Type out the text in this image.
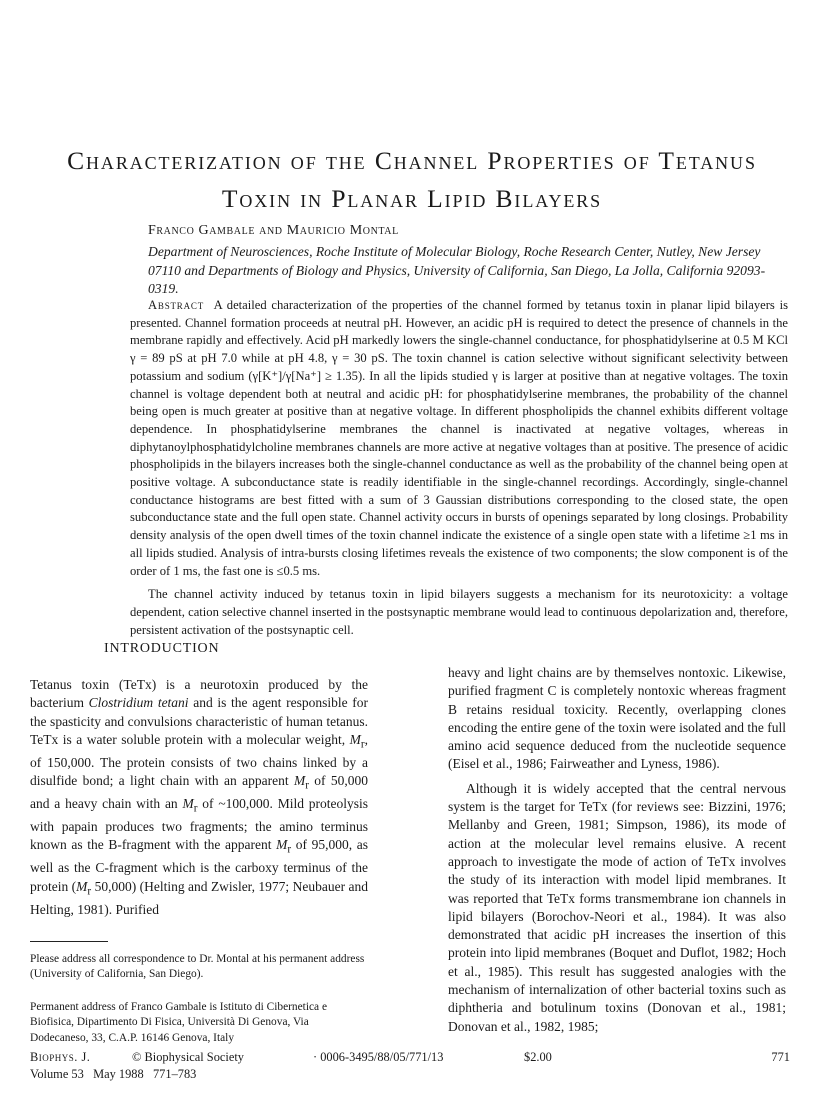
Characterization of the Channel Properties of Tetanus Toxin in Planar Lipid Bilayers
Franco Gambale and Mauricio Montal
Department of Neurosciences, Roche Institute of Molecular Biology, Roche Research Center, Nutley, New Jersey 07110 and Departments of Biology and Physics, University of California, San Diego, La Jolla, California 92093-0319.

Abstract A detailed characterization of the properties of the channel formed by tetanus toxin in planar lipid bilayers is presented. Channel formation proceeds at neutral pH. However, an acidic pH is required to detect the presence of channels in the membrane rapidly and effectively. Acid pH markedly lowers the single-channel conductance, for phosphatidylserine at 0.5 M KCl γ = 89 pS at pH 7.0 while at pH 4.8, γ = 30 pS. The toxin channel is cation selective without significant selectivity between potassium and sodium (γ[K⁺]/γ[Na⁺] ≥ 1.35). In all the lipids studied γ is larger at positive than at negative voltages. The toxin channel is voltage dependent both at neutral and acidic pH: for phosphatidylserine membranes, the probability of the channel being open is much greater at positive than at negative voltage. In different phospholipids the channel exhibits different voltage dependence. In phosphatidylserine membranes the channel is inactivated at negative voltages, whereas in diphytanoylphosphatidylcholine membranes channels are more active at negative voltages than at positive. The presence of acidic phospholipids in the bilayers increases both the single-channel conductance as well as the probability of the channel being open at positive voltage. A subconductance state is readily identifiable in the single-channel recordings. Accordingly, single-channel conductance histograms are best fitted with a sum of 3 Gaussian distributions corresponding to the closed state, the open subconductance state and the full open state. Channel activity occurs in bursts of openings separated by long closings. Probability density analysis of the open dwell times of the toxin channel indicate the existence of a single open state with a lifetime ≥1 ms in all lipids studied. Analysis of intra-bursts closing lifetimes reveals the existence of two components; the slow component is of the order of 1 ms, the fast one is ≤0.5 ms.

The channel activity induced by tetanus toxin in lipid bilayers suggests a mechanism for its neurotoxicity: a voltage dependent, cation selective channel inserted in the postsynaptic membrane would lead to continuous depolarization and, therefore, persistent activation of the postsynaptic cell.

INTRODUCTION

Tetanus toxin (TeTx) is a neurotoxin produced by the bacterium Clostridium tetani and is the agent responsible for the spasticity and convulsions characteristic of human tetanus. TeTx is a water soluble protein with a molecular weight, $M_r$, of 150,000. The protein consists of two chains linked by a disulfide bond; a light chain with an apparent $M_r$ of 50,000 and a heavy chain with an $M_r$ of ~100,000. Mild proteolysis with papain produces two fragments; the amino terminus known as the B-fragment with the apparent $M_r$ of 95,000, as well as the C-fragment which is the carboxy terminus of the protein ($M_r$ 50,000) (Helting and Zwisler, 1977; Neubauer and Helting, 1981). Purified

heavy and light chains are by themselves nontoxic. Likewise, purified fragment C is completely nontoxic whereas fragment B retains residual toxicity. Recently, overlapping clones encoding the entire gene of the toxin were isolated and the full amino acid sequence deduced from the nucleotide sequence (Eisel et al., 1986; Fairweather and Lyness, 1986).

Although it is widely accepted that the central nervous system is the target for TeTx (for reviews see: Bizzini, 1976; Mellanby and Green, 1981; Simpson, 1986), its mode of action at the molecular level remains elusive. A recent approach to investigate the mode of action of TeTx involves the study of its interaction with model lipid membranes. It was reported that TeTx forms transmembrane ion channels in lipid bilayers (Borochov-Neori et al., 1984). It was also demonstrated that acidic pH increases the insertion of this protein into lipid membranes (Boquet and Duflot, 1982; Hoch et al., 1985). This result has suggested analogies with the mechanism of internalization of other bacterial toxins such as diphtheria and botulinum toxins (Donovan et al., 1981; Donovan et al., 1982, 1985;

Please address all correspondence to Dr. Montal at his permanent address (University of California, San Diego).
Permanent address of Franco Gambale is Istituto di Cibernetica e Biofisica, Dipartimento Di Fisica, Università Di Genova, Via Dodecaneso, 33, C.A.P. 16146 Genova, Italy
Biophys. J.	© Biophysical Society	· 0006-3495/88/05/771/13	$2.00	771
Volume 53   May 1988   771–783
